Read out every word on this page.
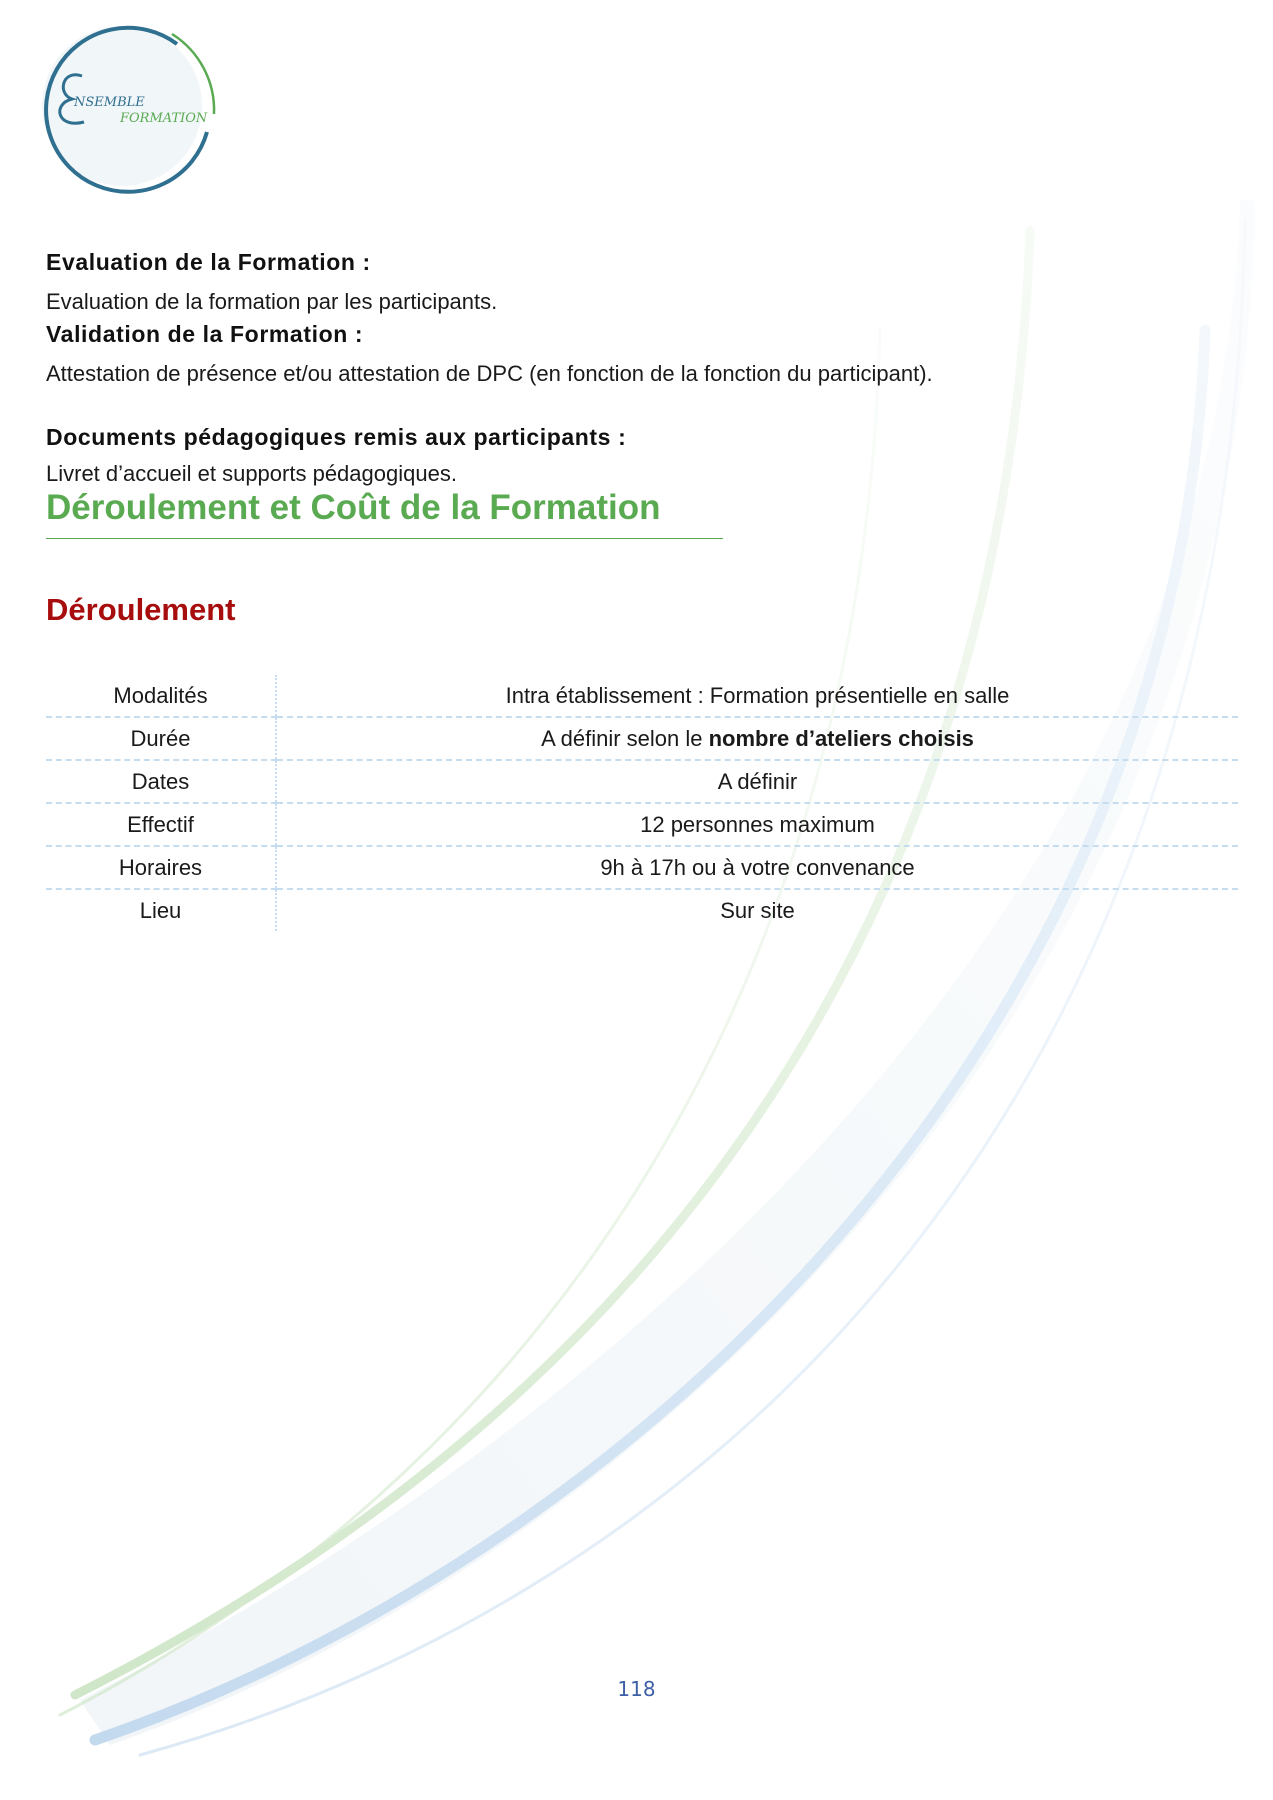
NSEMBLE
FORMATION
Evaluation de la Formation :

Evaluation de la formation par les participants.

Validation de la Formation :

Attestation de présence et/ou attestation de DPC (en fonction de la fonction du participant).

Documents pédagogiques remis aux participants :

Livret d’accueil et supports pédagogiques.

Déroulement et Coût de la Formation
Déroulement
Modalités	Intra établissement : Formation présentielle en salle
Durée	A définir selon le nombre d’ateliers choisis
Dates	A définir
Effectif	12 personnes maximum
Horaires	9h à 17h ou à votre convenance
Lieu	Sur site
118
